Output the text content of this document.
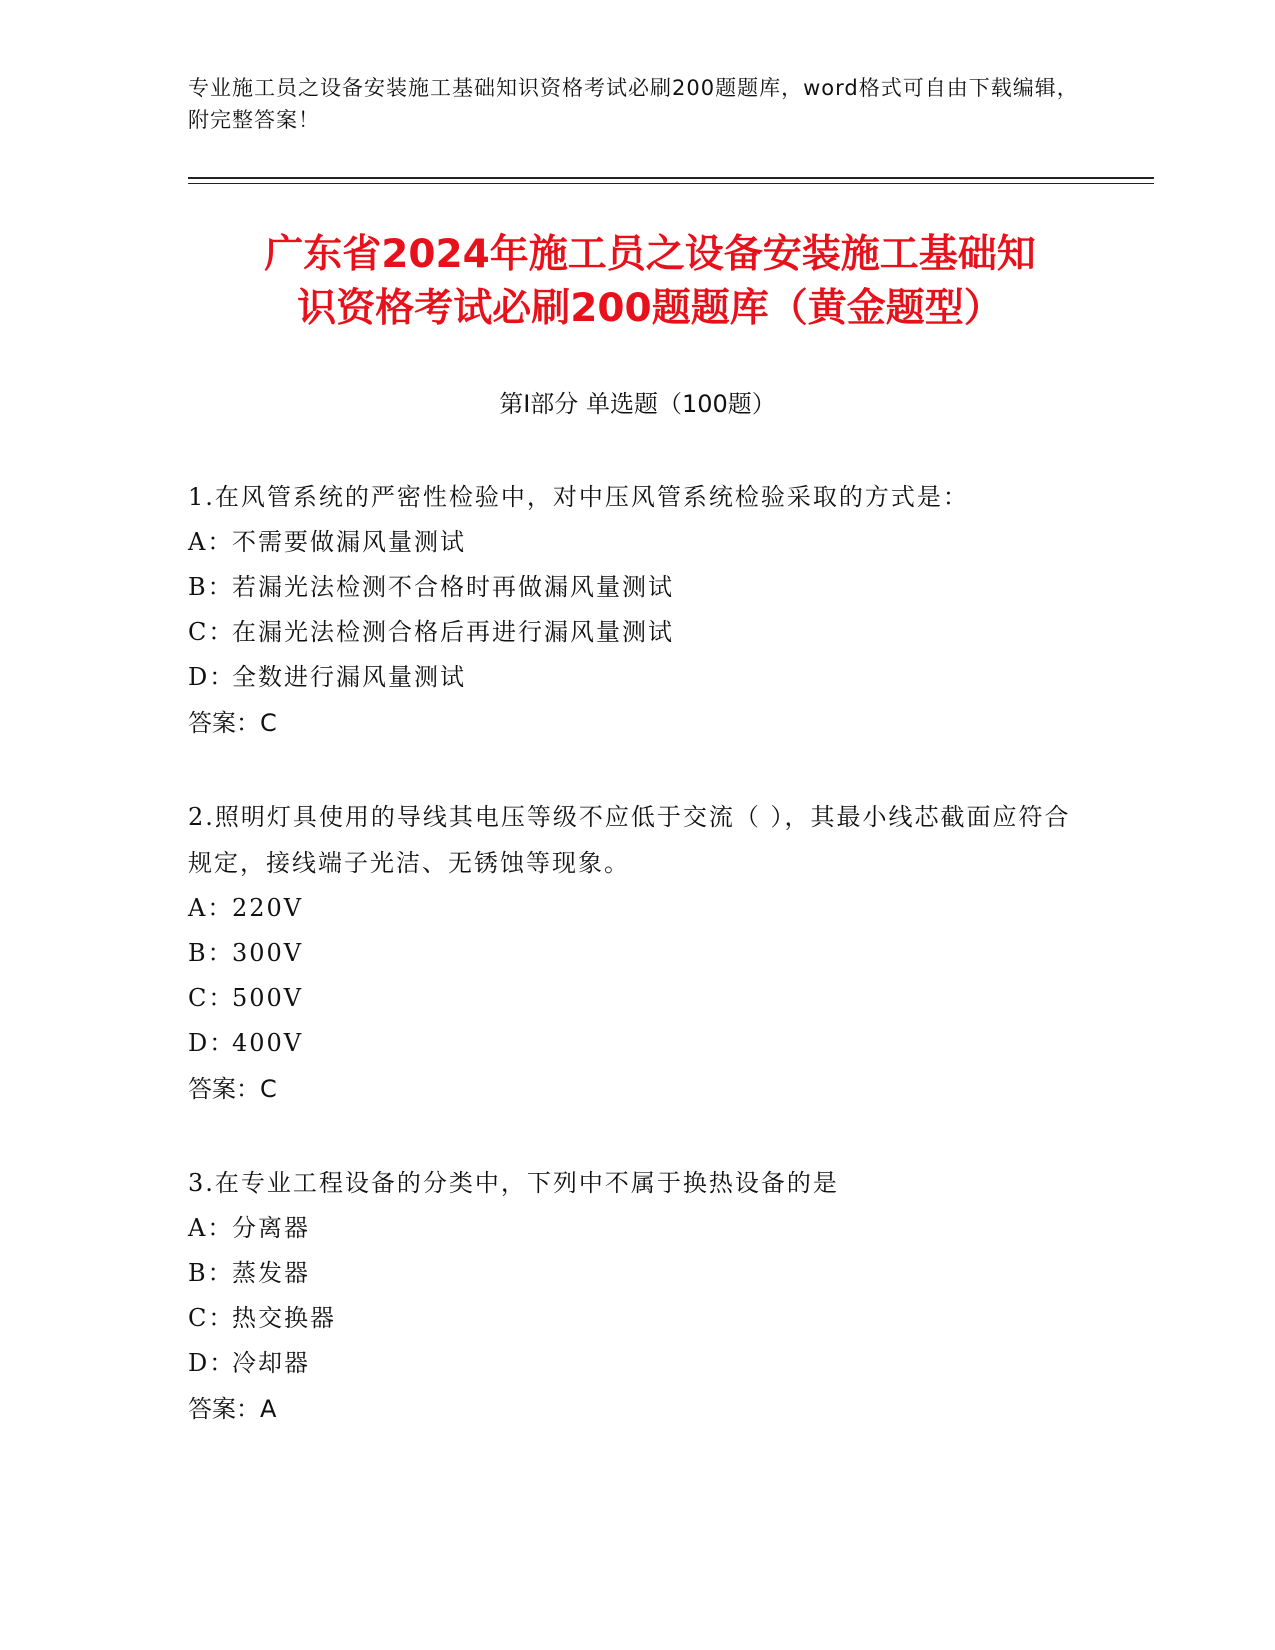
专业施工员之设备安装施工基础知识资格考试必刷200题题库，word格式可自由下载编辑，附完整答案！
广东省2024年施工员之设备安装施工基础知
识资格考试必刷200题题库（黄金题型）
第Ⅰ部分 单选题（100题）
1.在风管系统的严密性检验中，对中压风管系统检验采取的方式是：
A：
不需要做漏风量测试
B：
若漏光法检测不合格时再做漏风量测试
C：
在漏光法检测合格后再进行漏风量测试
D：
全数进行漏风量测试
答案：C
2.照明灯具使用的导线其电压等级不应低于交流（ ），其最小线芯截面应符合规定，接线端子光洁、无锈蚀等现象。
A：
220V
B：
300V
C：
500V
D：
400V
答案：C
3.在专业工程设备的分类中，下列中不属于换热设备的是
A：
分离器
B：
蒸发器
C：
热交换器
D：
冷却器
答案：A
